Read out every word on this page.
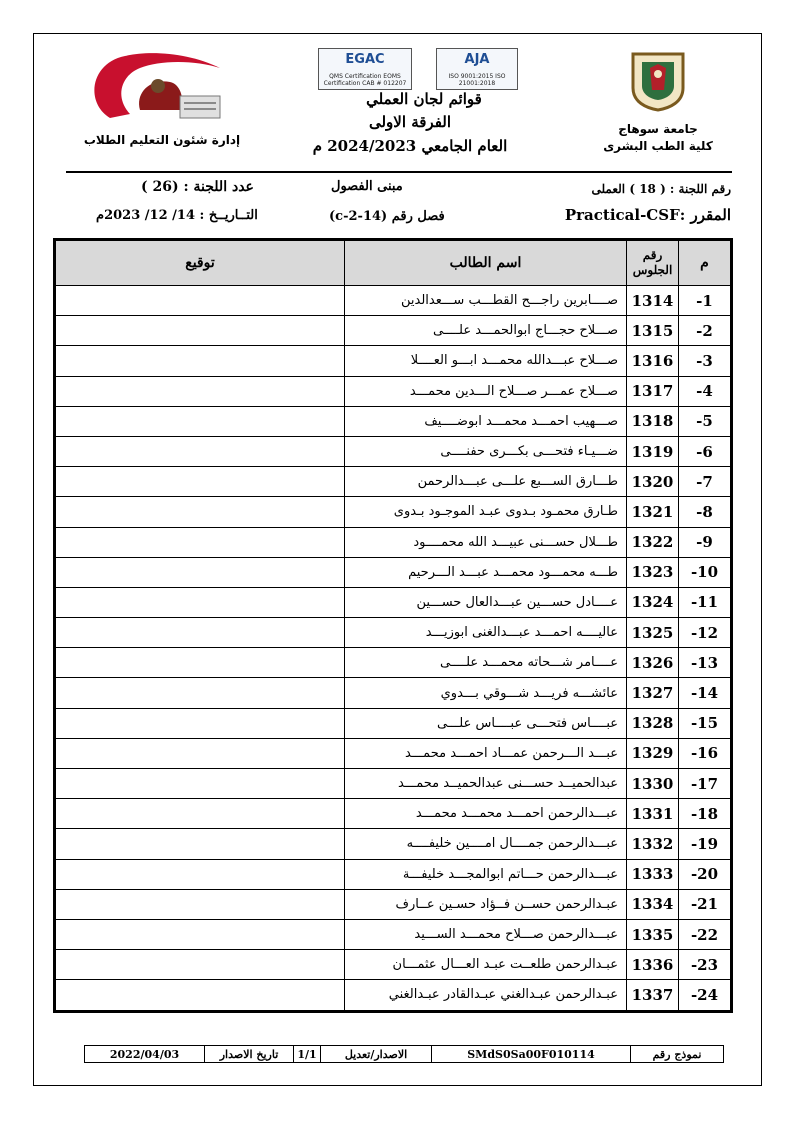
EGAC
QMS Certification EOMS Certification CAB # 012207
AJA
ISO 9001:2015 ISO 21001:2018
إدارة شئون التعليم الطلاب
جامعة سوهاج
كلية الطب البشرى
قوائم لجان العملي
الفرقة الاولى
العام الجامعي 2024/2023 م
رقم اللجنة : ( 18 ) العملى
مبنى الفصول
عدد اللجنة : (26 )
المقرر :Practical-CSF
فصل رقم (14-2-c)
التــاريــخ : 14/ 12/ 2023م
م	رقم الجلوس	اسم الطالب	توقيع
-1	1314	صــــابرين راجـــح القطـــب ســـعدالدين	
-2	1315	صـــلاح حجـــاج ابوالحمـــد علــــى	
-3	1316	صـــلاح عبـــدالله محمـــد ابـــو العــــلا	
-4	1317	صـــلاح عمـــر صـــلاح الـــدين محمـــد	
-5	1318	صـــهيب احمـــد محمـــد ابوضــــيف	
-6	1319	ضـــيـاء فتحـــى بكـــرى حفنــــى	
-7	1320	طـــارق الســـبع علـــى عبـــدالرحمن	
-8	1321	طـارق محمـود بـدوى عبـد الموجـود بـدوى	
-9	1322	طـــلال حســـنى عبيـــد الله محمــــود	
-10	1323	طـــه محمـــود محمـــد عبـــد الـــرحيم	
-11	1324	عــــادل حســـين عبـــدالعال حســـين	
-12	1325	عاليــــه احمـــد عبـــدالغنى ابوزيـــد	
-13	1326	عــــامر شـــحاته محمـــد علــــى	
-14	1327	عائشـــه فريـــد شـــوقي بـــدوي	
-15	1328	عبــــاس فتحـــى عبــــاس علـــى	
-16	1329	عبـــد الـــرحمن عمـــاد احمـــد محمـــد	
-17	1330	عبدالحميــد حســـنى عبدالحميــد محمـــد	
-18	1331	عبـــدالرحمن احمـــد محمـــد محمـــد	
-19	1332	عبـــدالرحمن جمــــال امــــين خليفــــه	
-20	1333	عبـــدالرحمن حـــاتم ابوالمجـــد خليفـــة	
-21	1334	عبـدالرحمن حســن فــؤاد حسـين عــارف	
-22	1335	عبـــدالرحمن صـــلاح محمـــد الســـيد	
-23	1336	عبـدالرحمن طلعــت عبـد العـــال عثمـــان	
-24	1337	عبـدالرحمن عبـدالغني عبـدالقادر عبـدالغني	
نموذج رقم
SMdS0Sa00F010114
الاصدار/تعديل
1/1
تاريخ الاصدار
2022/04/03
